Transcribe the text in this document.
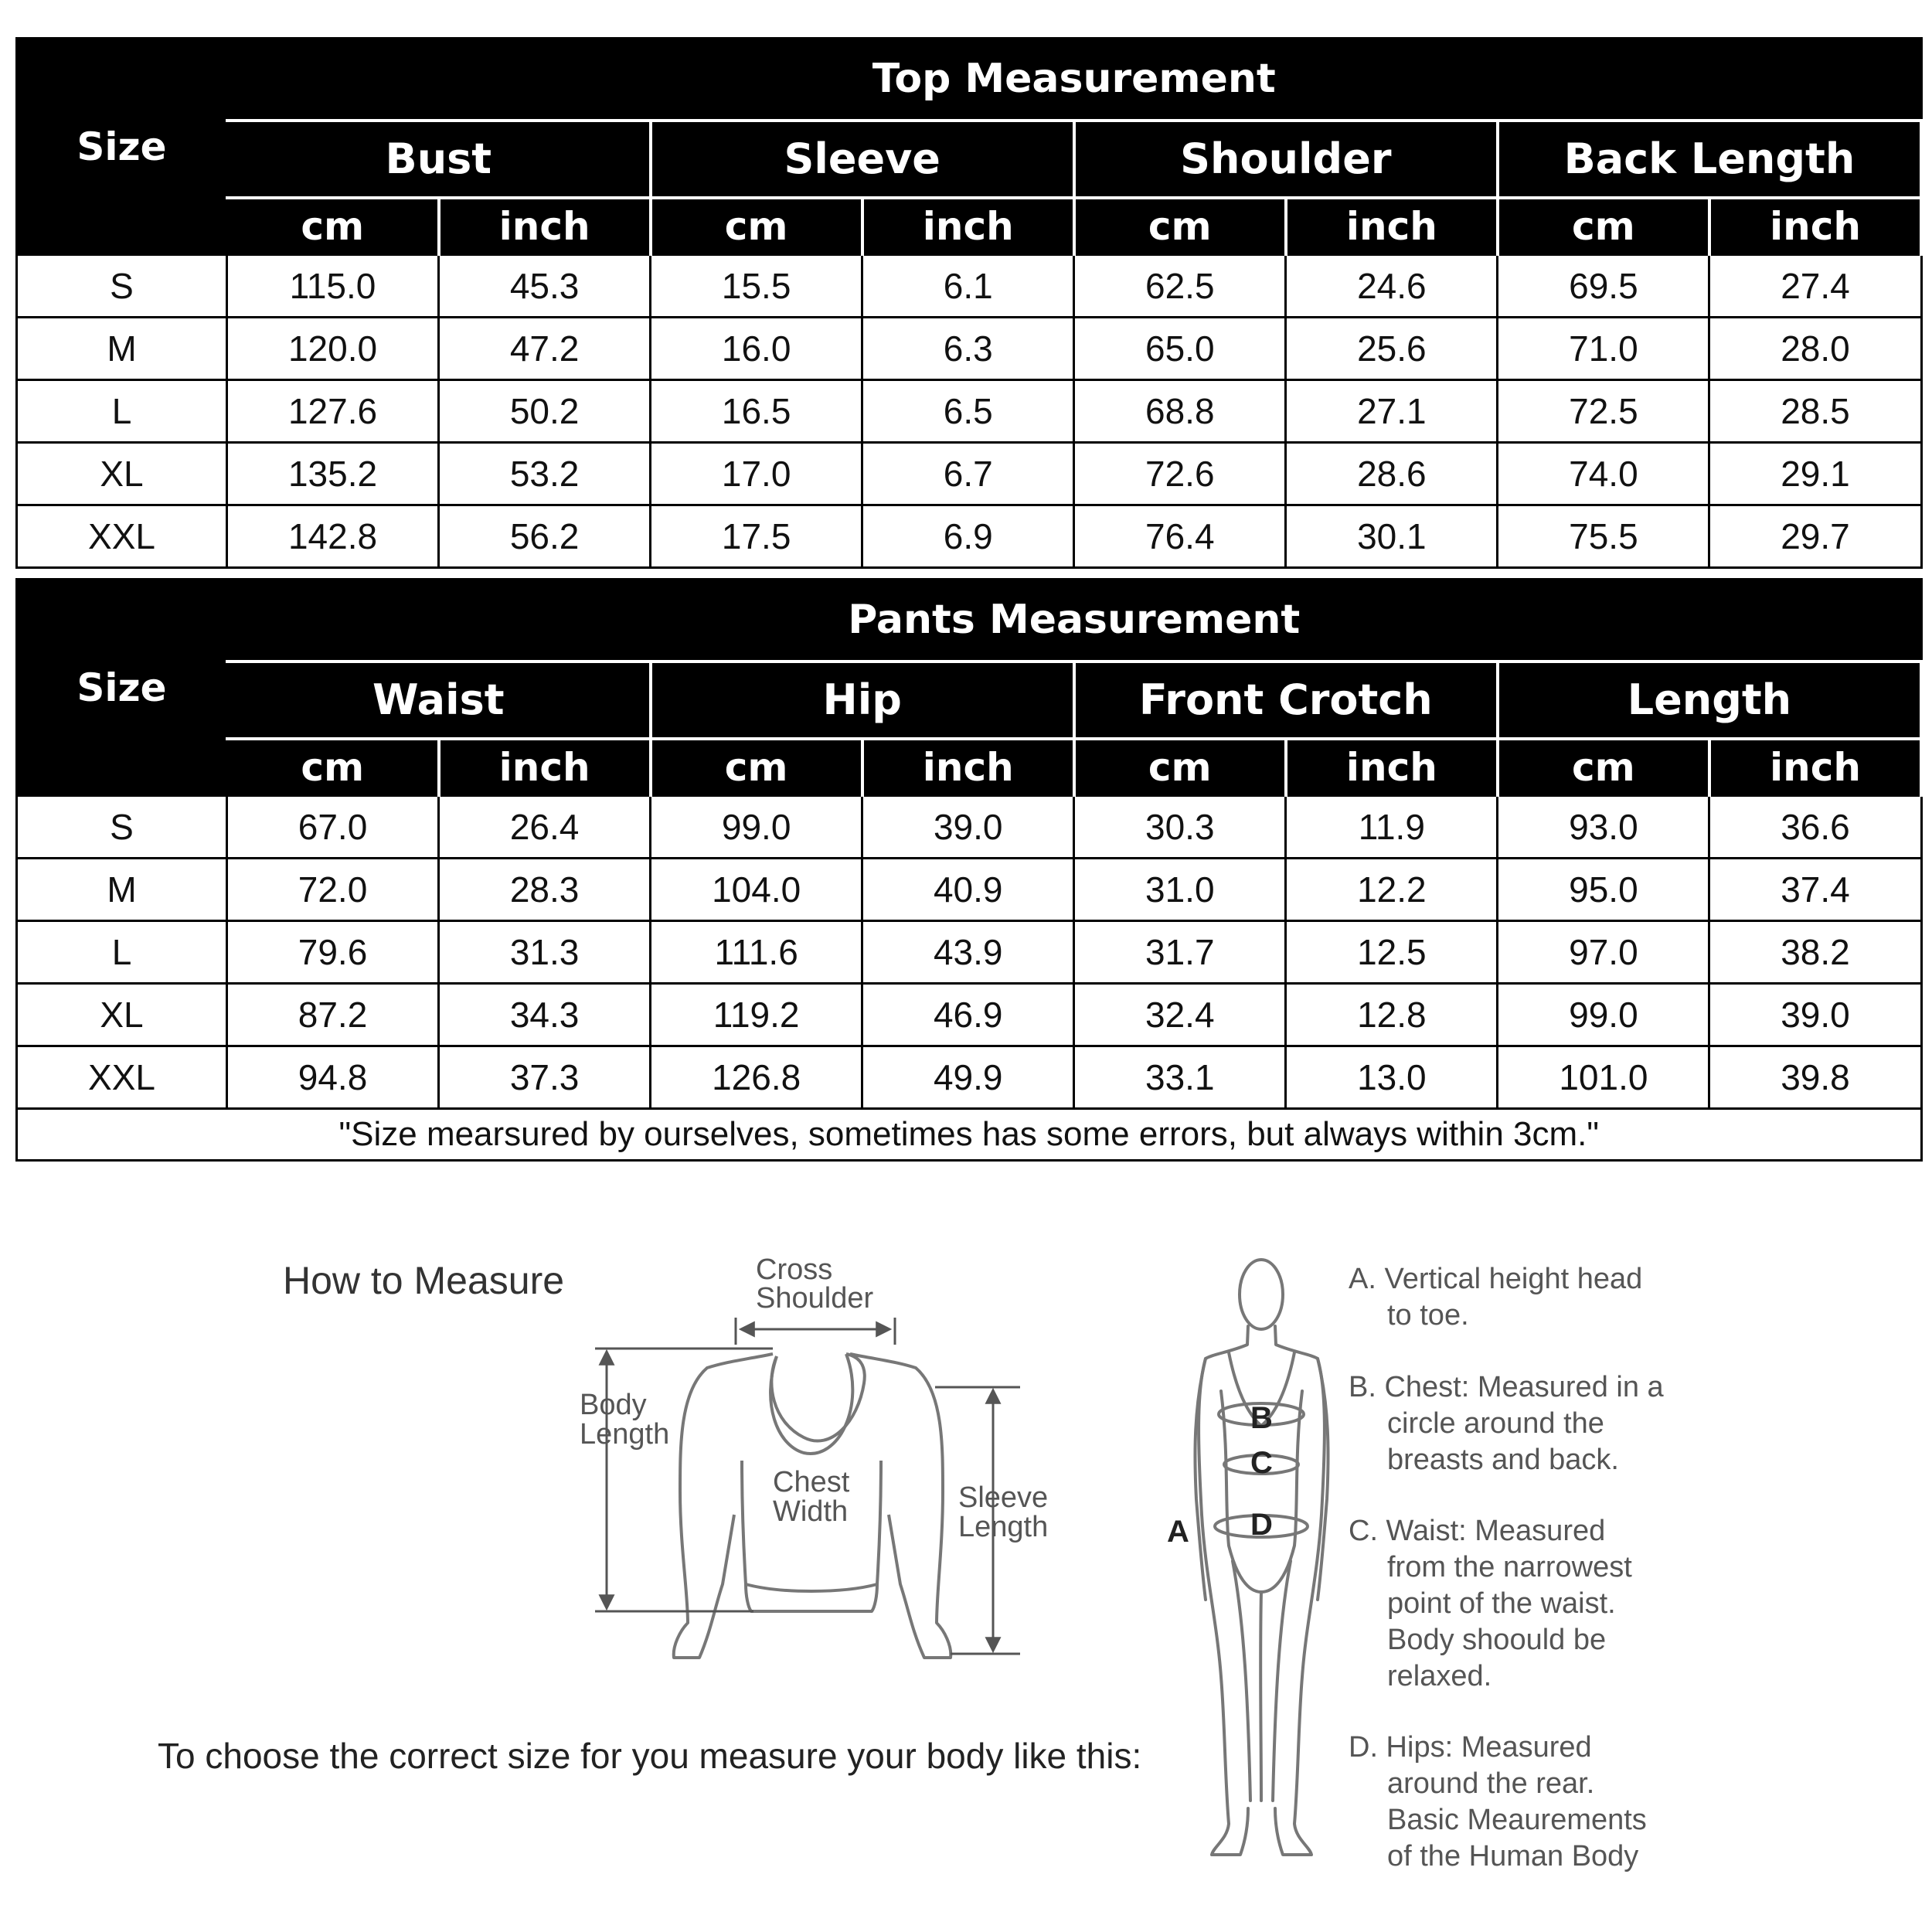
Size	Top Measurement							
	Bust		Sleeve		Shoulder		Back Length	
	cm	inch	cm	inch	cm	inch	cm	inch
S	115.0	45.3	15.5	6.1	62.5	24.6	69.5	27.4
M	120.0	47.2	16.0	6.3	65.0	25.6	71.0	28.0
L	127.6	50.2	16.5	6.5	68.8	27.1	72.5	28.5
XL	135.2	53.2	17.0	6.7	72.6	28.6	74.0	29.1
XXL	142.8	56.2	17.5	6.9	76.4	30.1	75.5	29.7
Size	Pants Measurement							
	Waist		Hip		Front Crotch		Length	
	cm	inch	cm	inch	cm	inch	cm	inch
S	67.0	26.4	99.0	39.0	30.3	11.9	93.0	36.6
M	72.0	28.3	104.0	40.9	31.0	12.2	95.0	37.4
L	79.6	31.3	111.6	43.9	31.7	12.5	97.0	38.2
XL	87.2	34.3	119.2	46.9	32.4	12.8	99.0	39.0
XXL	94.8	37.3	126.8	49.9	33.1	13.0	101.0	39.8
"Size mearsured by ourselves, sometimes has some errors, but always within 3cm."								
How to Measure
To choose the correct size for you measure your body like this:
Cross
Shoulder
Body
Length
Chest
Width	Sleeve
Length
B
C
D
A
A. Vertical height head
to toe.
B. Chest: Measured in a
circle around the
breasts and back.
C. Waist: Measured
from the narrowest
point of the waist.
Body shoould be
relaxed.
D. Hips: Measured
around the rear.
Basic Meaurements
of the Human Body
